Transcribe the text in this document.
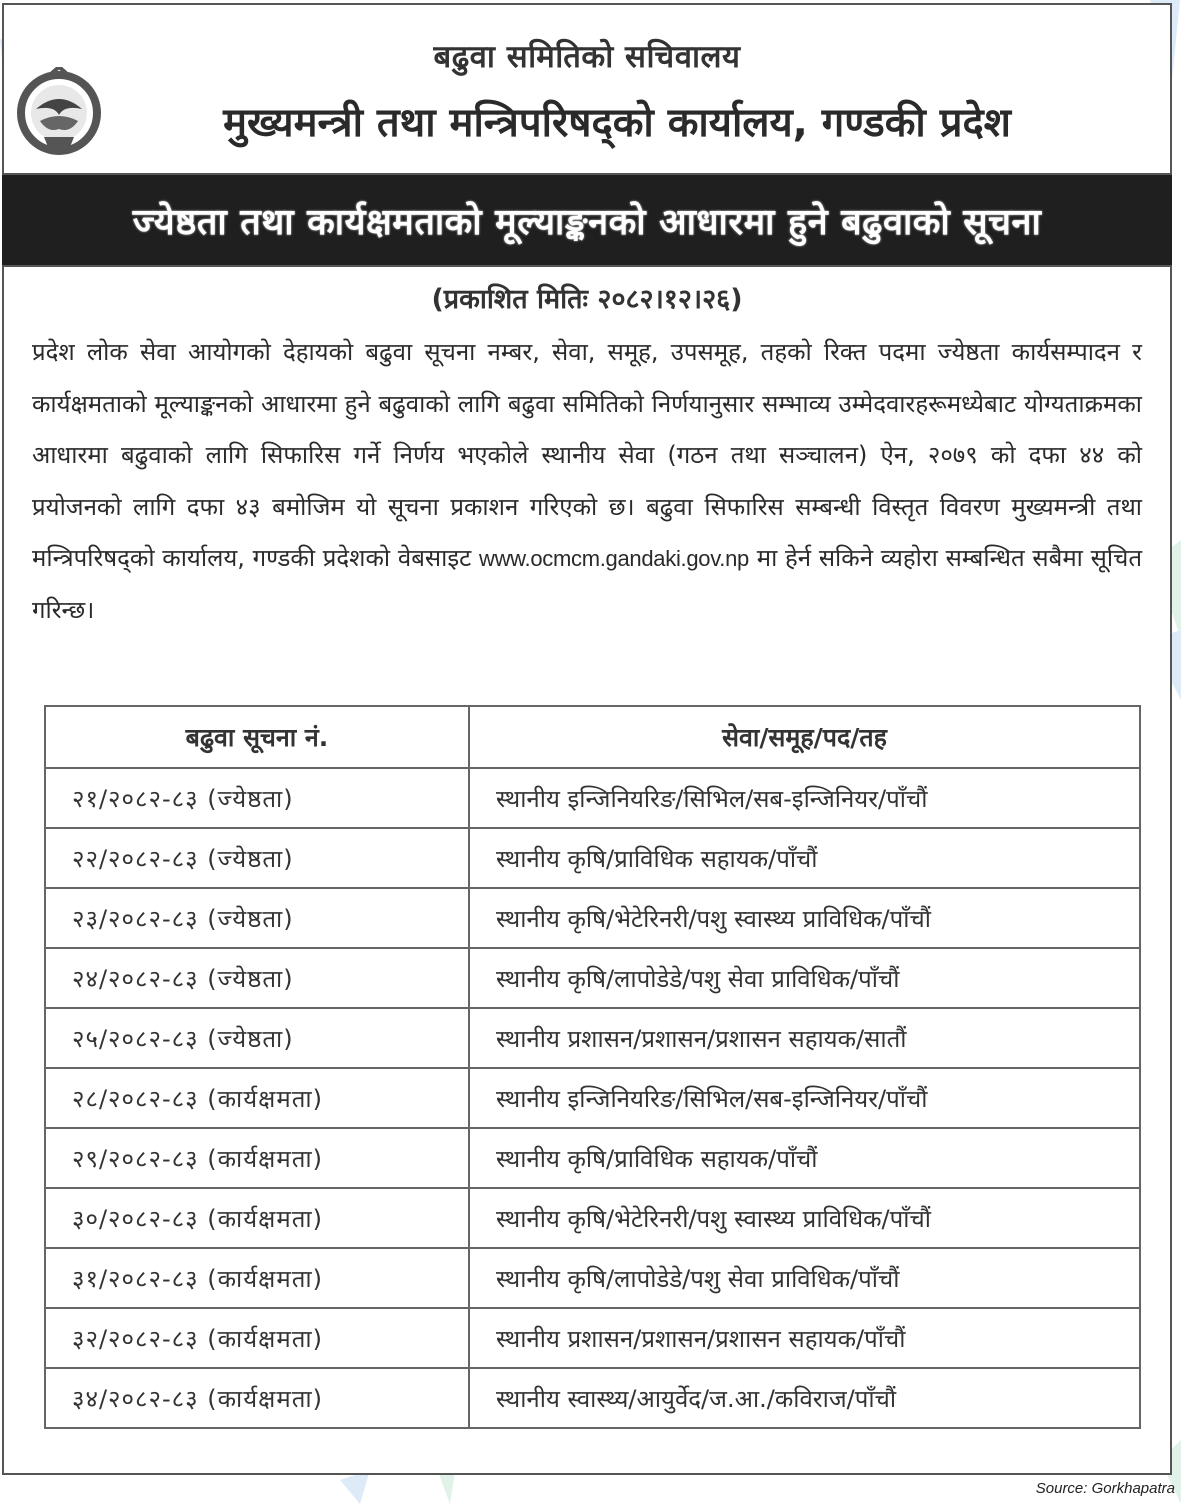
बढुवा समितिको सचिवालय
मुख्यमन्त्री तथा मन्त्रिपरिषद्‌को कार्यालय, गण्डकी प्रदेश
ज्येष्ठता तथा कार्यक्षमताको मूल्याङ्कनको आधारमा हुने बढुवाको सूचना
(प्रकाशित मितिः २०८२।१२।२६)
प्रदेश लोक सेवा आयोगको देहायको बढुवा सूचना नम्बर, सेवा, समूह, उपसमूह, तहको रिक्त पदमा ज्येष्ठता कार्यसम्पादन र कार्यक्षमताको मूल्याङ्कनको आधारमा हुने बढुवाको लागि बढुवा समितिको निर्णयानुसार सम्भाव्य उम्मेदवारहरूमध्येबाट योग्यताक्रमका आधारमा बढुवाको लागि सिफारिस गर्ने निर्णय भएकोले स्थानीय सेवा (गठन तथा सञ्चालन) ऐन, २०७९ को दफा ४४ को प्रयोजनको लागि दफा ४३ बमोजिम यो सूचना प्रकाशन गरिएको छ। बढुवा सिफारिस सम्बन्धी विस्तृत विवरण मुख्यमन्त्री तथा मन्त्रिपरिषद्‌को कार्यालय, गण्डकी प्रदेशको वेबसाइट www.ocmcm.gandaki.gov.np मा हेर्न सकिने व्यहोरा सम्बन्धित सबैमा सूचित गरिन्छ।
बढुवा सूचना नं.	सेवा/समूह/पद/तह
२१/२०८२-८३ (ज्येष्ठता)	स्थानीय इन्जिनियरिङ/सिभिल/सब-इन्जिनियर/पाँचौं
२२/२०८२-८३ (ज्येष्ठता)	स्थानीय कृषि/प्राविधिक सहायक/पाँचौं
२३/२०८२-८३ (ज्येष्ठता)	स्थानीय कृषि/भेटेरिनरी/पशु स्वास्थ्य प्राविधिक/पाँचौं
२४/२०८२-८३ (ज्येष्ठता)	स्थानीय कृषि/लापोडेडे/पशु सेवा प्राविधिक/पाँचौं
२५/२०८२-८३ (ज्येष्ठता)	स्थानीय प्रशासन/प्रशासन/प्रशासन सहायक/सातौं
२८/२०८२-८३ (कार्यक्षमता)	स्थानीय इन्जिनियरिङ/सिभिल/सब-इन्जिनियर/पाँचौं
२९/२०८२-८३ (कार्यक्षमता)	स्थानीय कृषि/प्राविधिक सहायक/पाँचौं
३०/२०८२-८३ (कार्यक्षमता)	स्थानीय कृषि/भेटेरिनरी/पशु स्वास्थ्य प्राविधिक/पाँचौं
३१/२०८२-८३ (कार्यक्षमता)	स्थानीय कृषि/लापोडेडे/पशु सेवा प्राविधिक/पाँचौं
३२/२०८२-८३ (कार्यक्षमता)	स्थानीय प्रशासन/प्रशासन/प्रशासन सहायक/पाँचौं
३४/२०८२-८३ (कार्यक्षमता)	स्थानीय स्वास्थ्य/आयुर्वेद/ज.आ./कविराज/पाँचौं
Source: Gorkhapatra
